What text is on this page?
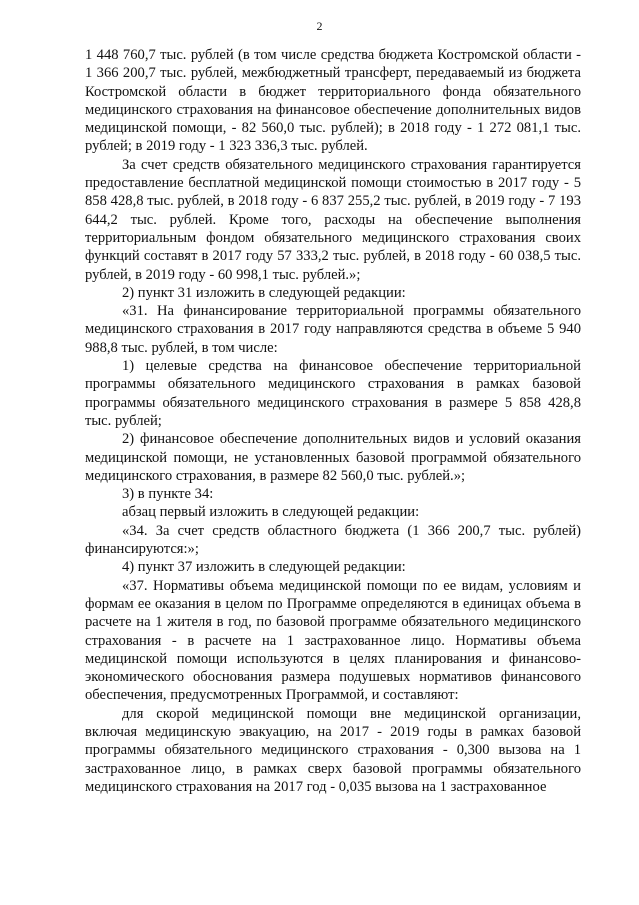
2

1 448 760,7 тыс. рублей (в том числе средства бюджета Костромской области - 1 366 200,7 тыс. рублей, межбюджетный трансферт, передаваемый из бюджета Костромской области в бюджет территориального фонда обязательного медицинского страхования на финансовое обеспечение дополнительных видов медицинской помощи, - 82 560,0 тыс. рублей); в 2018 году - 1 272 081,1 тыс. рублей; в 2019 году - 1 323 336,3 тыс. рублей.

За счет средств обязательного медицинского страхования гарантируется предоставление бесплатной медицинской помощи стоимостью в 2017 году - 5 858 428,8 тыс. рублей, в 2018 году - 6 837 255,2 тыс. рублей, в 2019 году - 7 193 644,2 тыс. рублей. Кроме того, расходы на обеспечение выполнения территориальным фондом обязательного медицинского страхования своих функций составят в 2017 году 57 333,2 тыс. рублей, в 2018 году - 60 038,5 тыс. рублей, в 2019 году - 60 998,1 тыс. рублей.»;

2) пункт 31 изложить в следующей редакции:

«31. На финансирование территориальной программы обязательного медицинского страхования в 2017 году направляются средства в объеме 5 940 988,8 тыс. рублей, в том числе:

1) целевые средства на финансовое обеспечение территориальной программы обязательного медицинского страхования в рамках базовой программы обязательного медицинского страхования в размере 5 858 428,8 тыс. рублей;

2) финансовое обеспечение дополнительных видов и условий оказания медицинской помощи, не установленных базовой программой обязательного медицинского страхования, в размере 82 560,0 тыс. рублей.»;

3) в пункте 34:

абзац первый изложить в следующей редакции:

«34. За счет средств областного бюджета (1 366 200,7 тыс. рублей) финансируются:»;

4) пункт 37 изложить в следующей редакции:

«37. Нормативы объема медицинской помощи по ее видам, условиям и формам ее оказания в целом по Программе определяются в единицах объема в расчете на 1 жителя в год, по базовой программе обязательного медицинского страхования - в расчете на 1 застрахованное лицо. Нормативы объема медицинской помощи используются в целях планирования и финансово-экономического обоснования размера подушевых нормативов финансового обеспечения, предусмотренных Программой, и составляют:

для скорой медицинской помощи вне медицинской организации, включая медицинскую эвакуацию, на 2017 - 2019 годы в рамках базовой программы обязательного медицинского страхования - 0,300 вызова на 1 застрахованное лицо, в рамках сверх базовой программы обязательного медицинского страхования на 2017 год - 0,035 вызова на 1 застрахованное
